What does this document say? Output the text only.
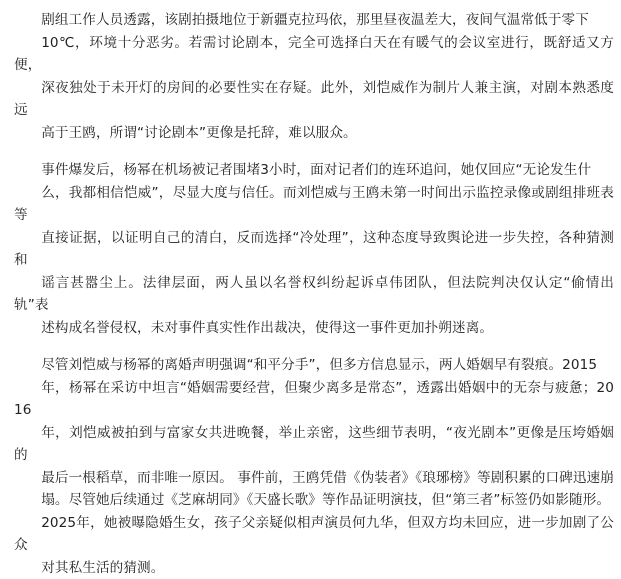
剧组工作人员透露，该剧拍摄地位于新疆克拉玛依，那里昼夜温差大，夜间气温常低于零下
10℃，环境十分恶劣。若需讨论剧本，完全可选择白天在有暖气的会议室进行，既舒适又方便，
深夜独处于未开灯的房间的必要性实在存疑。此外，刘恺威作为制片人兼主演，对剧本熟悉度远
高于王鸥，所谓“讨论剧本”更像是托辞，难以服众。

事件爆发后，杨幂在机场被记者围堵3小时，面对记者们的连环追问，她仅回应“无论发生什
么，我都相信恺威”，尽显大度与信任。而刘恺威与王鸥未第一时间出示监控录像或剧组排班表等
直接证据，以证明自己的清白，反而选择“冷处理”，这种态度导致舆论进一步失控，各种猜测和
谣言甚嚣尘上。法律层面，两人虽以名誉权纠纷起诉卓伟团队，但法院判决仅认定“偷情出轨”表
述构成名誉侵权，未对事件真实性作出裁决，使得这一事件更加扑朔迷离。

尽管刘恺威与杨幂的离婚声明强调“和平分手”，但多方信息显示，两人婚姻早有裂痕。2015
年，杨幂在采访中坦言“婚姻需要经营，但聚少离多是常态”，透露出婚姻中的无奈与疲惫；2016
年，刘恺威被拍到与富家女共进晚餐，举止亲密，这些细节表明，“夜光剧本”更像是压垮婚姻的
最后一根稻草，而非唯一原因。 事件前，王鸥凭借《伪装者》《琅琊榜》等剧积累的口碑迅速崩
塌。尽管她后续通过《芝麻胡同》《天盛长歌》等作品证明演技，但“第三者”标签仍如影随形。
2025年，她被曝隐婚生女，孩子父亲疑似相声演员何九华，但双方均未回应，进一步加剧了公众
对其私生活的猜测。
